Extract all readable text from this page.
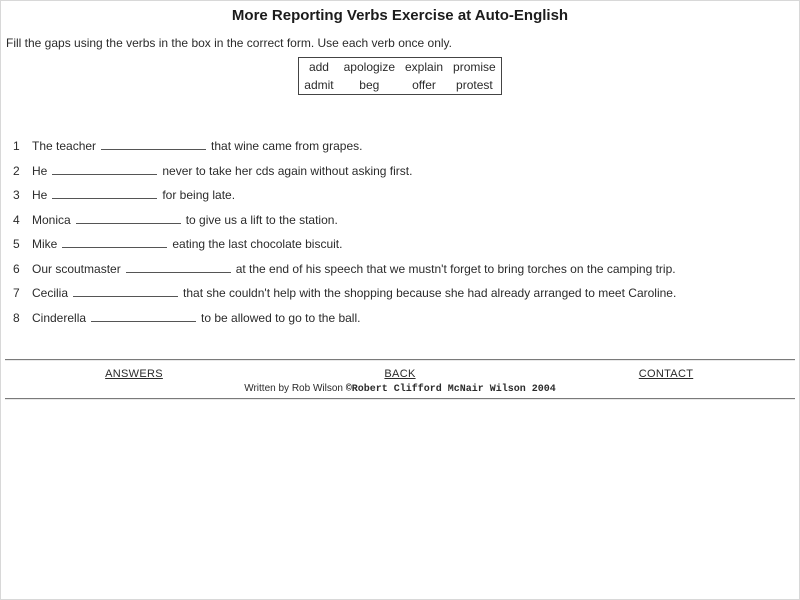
More Reporting Verbs Exercise at Auto-English
Fill the gaps using the verbs in the box in the correct form. Use each verb once only.
add	apologize	explain	promise
admit	beg	offer	protest
1	The teacher	that wine came from grapes.
2	He	never to take her cds again without asking first.
3	He	for being late.
4	Monica	to give us a lift to the station.
5	Mike	eating the last chocolate biscuit.
6	Our scoutmaster	at the end of his speech that we mustn't forget to bring torches on the camping trip.
7	Cecilia	that she couldn't help with the shopping because she had already arranged to meet Caroline.
8	Cinderella	to be allowed to go to the ball.
ANSWERS	BACK	CONTACT
Written by Rob Wilson ©Robert Clifford McNair Wilson 2004
